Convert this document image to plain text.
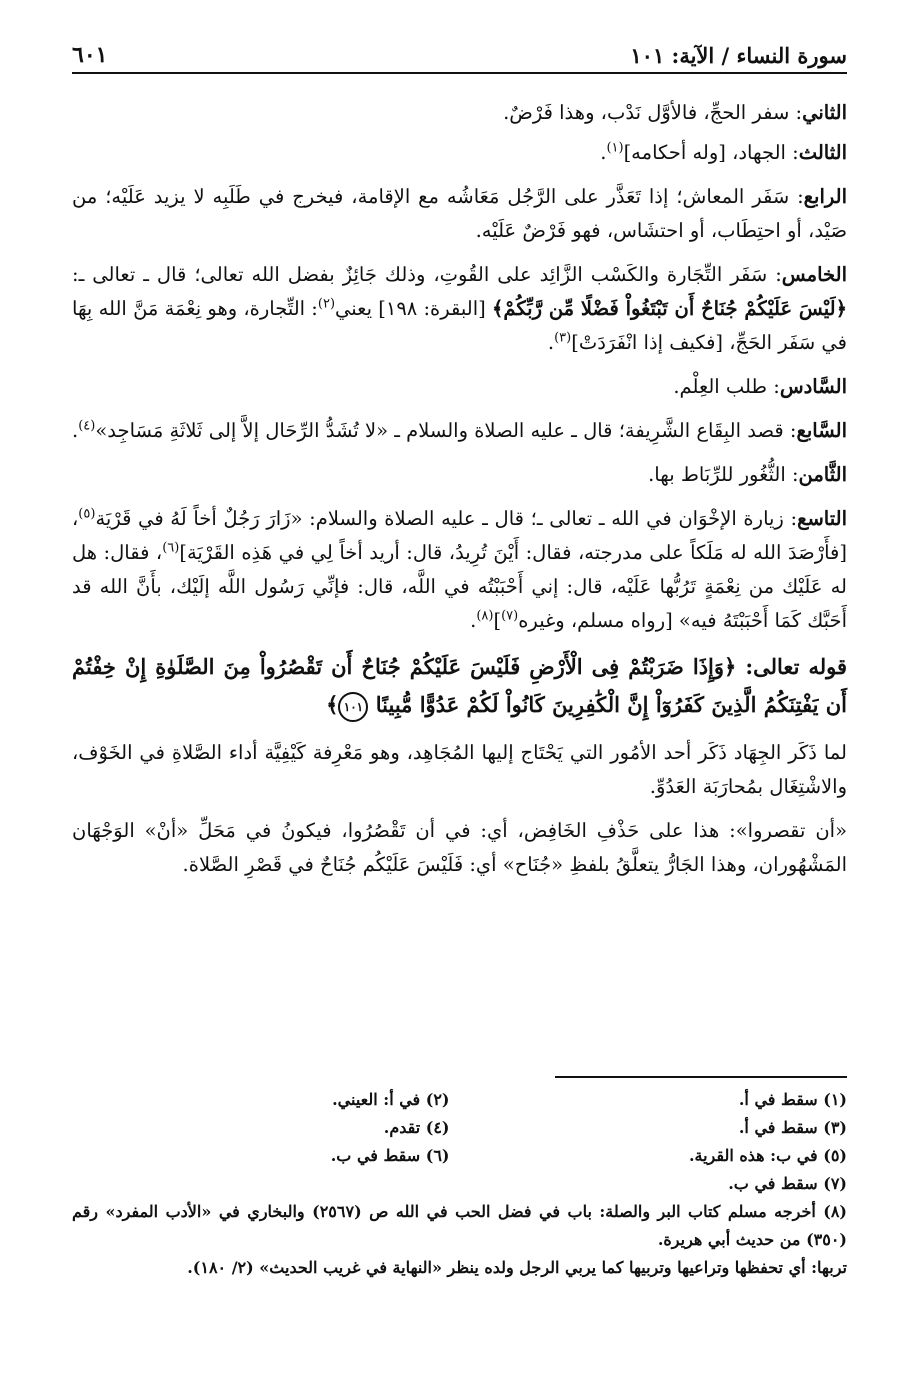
سورة النساء / الآية: ١٠١
٦٠١

الثاني: سفر الحجِّ، فالأوَّل نَدْب، وهذا فَرْضٌ.

الثالث: الجهاد، [وله أحكامه]$^{(١)}$.

الرابع: سَفَر المعاش؛ إذا تَعَذَّر على الرَّجُل مَعَاشُه مع الإقامة، فيخرج في طَلَبِه لا يزيد عَلَيْه؛ من صَيْد، أو احتِطَاب، أو احتشَاس، فهو فَرْضٌ عَلَيْه.

الخامس: سَفَر التِّجَارة والكَسْب الزَّائِد على القُوتِ، وذلك جَائِزٌ بفضل الله تعالى؛ قال ـ تعالى ـ: ﴿لَيْسَ عَلَيْكُمْ جُنَاحٌ أَن تَبْتَغُواْ فَضْلًا مِّن رَّبِّكُمْ﴾ [البقرة: ١٩٨] يعني$^{(٢)}$: التِّجارة، وهو نِعْمَة مَنَّ الله بِهَا في سَفَر الحَجِّ، [فكيف إذا انْفَرَدَتْ]$^{(٣)}$.

السَّادس: طلب العِلْم.

السَّابع: قصد البِقَاع الشَّرِيفة؛ قال ـ عليه الصلاة والسلام ـ «لا تُشَدُّ الرِّحَال إلاَّ إلى ثَلاثَةِ مَسَاجِد»$^{(٤)}$.

الثَّامن: الثُّغُور للرِّبَاط بها.

التاسع: زيارة الإخْوَان في الله ـ تعالى ـ؛ قال ـ عليه الصلاة والسلام: «زَارَ رَجُلٌ أخاً لَهُ في قَرْيَة$^{(٥)}$، [فأَرْصَدَ الله له مَلَكاً على مدرجته، فقال: أَيْنَ تُرِيدُ، قال: أريد أخاً لِي في هَذِه القَرْيَة]$^{(٦)}$، فقال: هل له عَلَيْك من نِعْمَةٍ تَرُبُّها عَلَيْه، قال: إني أَحْبَبْتُه في اللَّه، قال: فإنِّي رَسُول اللَّه إلَيْك، بأَنَّ الله قد أَحَبَّك كَمَا أَحْبَبْتَهُ فيه» [رواه مسلم، وغيره$^{(٧)}$]$^{(٨)}$.

قوله تعالى: ﴿وَإِذَا ضَرَبْتُمْ فِى الْأَرْضِ فَلَيْسَ عَلَيْكُمْ جُنَاحٌ أَن تَقْصُرُواْ مِنَ الصَّلَوٰةِ إِنْ خِفْتُمْ أَن يَفْتِنَكُمُ الَّذِينَ كَفَرُوٓاْ إِنَّ الْكَٰفِرِينَ كَانُواْ لَكُمْ عَدُوًّا مُّبِينًا ١٠١﴾

لما ذَكَر الجِهَاد ذَكَر أحد الأمُور التي يَحْتَاج إليها المُجَاهِد، وهو مَعْرِفة كَيْفِيَّة أداء الصَّلاةِ في الخَوْف، والاشْتِغَال بمُحارَبَة العَدُوِّ.

«أن تقصروا»: هذا على حَذْفِ الخَافِض، أي: في أن تَقْصُرُوا، فيكونُ في مَحَلِّ «أنْ» الوَجْهَان المَشْهُوران، وهذا الجَارُّ يتعلَّقُ بلفظِ «جُنَاح» أي: فَلَيْسَ عَلَيْكُم جُنَاحٌ في قَصْرِ الصَّلاة.

(١) سقط في أ.
(٢) في أ: العيني.
(٣) سقط في أ.
(٤) تقدم.
(٥) في ب: هذه القرية.
(٦) سقط في ب.
(٧) سقط في ب.

(٨) أخرجه مسلم كتاب البر والصلة: باب في فضل الحب في الله ص (٢٥٦٧) والبخاري في «الأدب المفرد» رقم (٣٥٠) من حديث أبي هريرة.

تربها: أي تحفظها وتراعيها وتربيها كما يربي الرجل ولده ينظر «النهاية في غريب الحديث» (٢/ ١٨٠).
